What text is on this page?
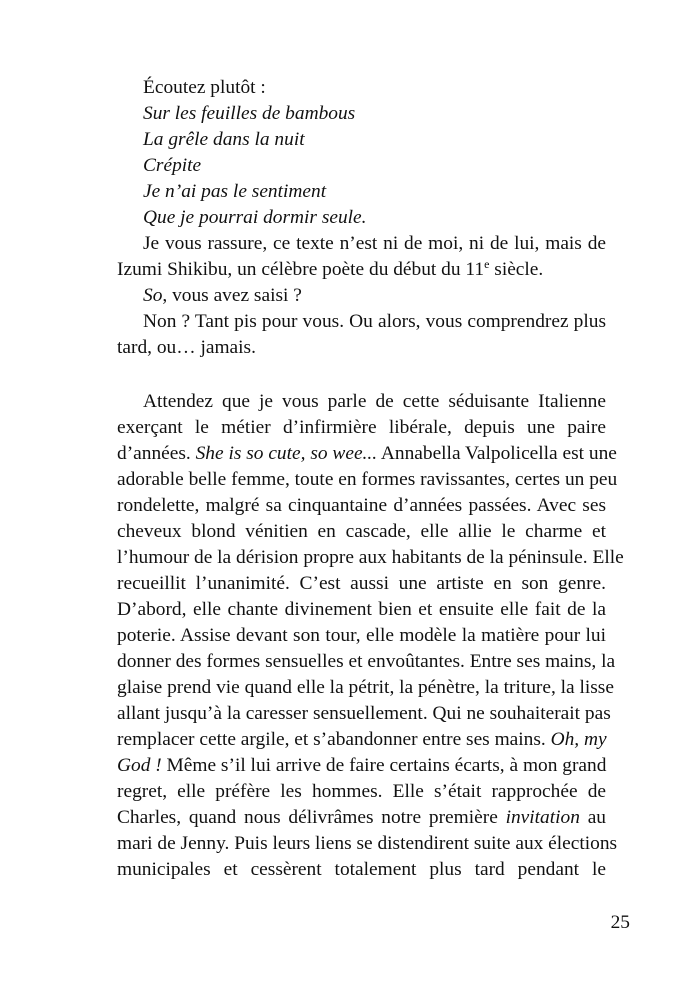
Écoutez plutôt :
Sur les feuilles de bambous
La grêle dans la nuit
Crépite
Je n’ai pas le sentiment
Que je pourrai dormir seule.
Je vous rassure, ce texte n’est ni de moi, ni de lui, mais de
Izumi Shikibu, un célèbre poète du début du 11e siècle.
So, vous avez saisi ?
Non ? Tant pis pour vous. Ou alors, vous comprendrez plus
tard, ou… jamais.
Attendez que je vous parle de cette séduisante Italienne
exerçant le métier d’infirmière libérale, depuis une paire
d’années. She is so cute, so wee... Annabella Valpolicella est une
adorable belle femme, toute en formes ravissantes, certes un peu
rondelette, malgré sa cinquantaine d’années passées. Avec ses
cheveux blond vénitien en cascade, elle allie le charme et
l’humour de la dérision propre aux habitants de la péninsule. Elle
recueillit l’unanimité. C’est aussi une artiste en son genre.
D’abord, elle chante divinement bien et ensuite elle fait de la
poterie. Assise devant son tour, elle modèle la matière pour lui
donner des formes sensuelles et envoûtantes. Entre ses mains, la
glaise prend vie quand elle la pétrit, la pénètre, la triture, la lisse
allant jusqu’à la caresser sensuellement. Qui ne souhaiterait pas
remplacer cette argile, et s’abandonner entre ses mains. Oh, my
God ! Même s’il lui arrive de faire certains écarts, à mon grand
regret, elle préfère les hommes. Elle s’était rapprochée de
Charles, quand nous délivrâmes notre première invitation au
mari de Jenny. Puis leurs liens se distendirent suite aux élections
municipales et cessèrent totalement plus tard pendant le
25
